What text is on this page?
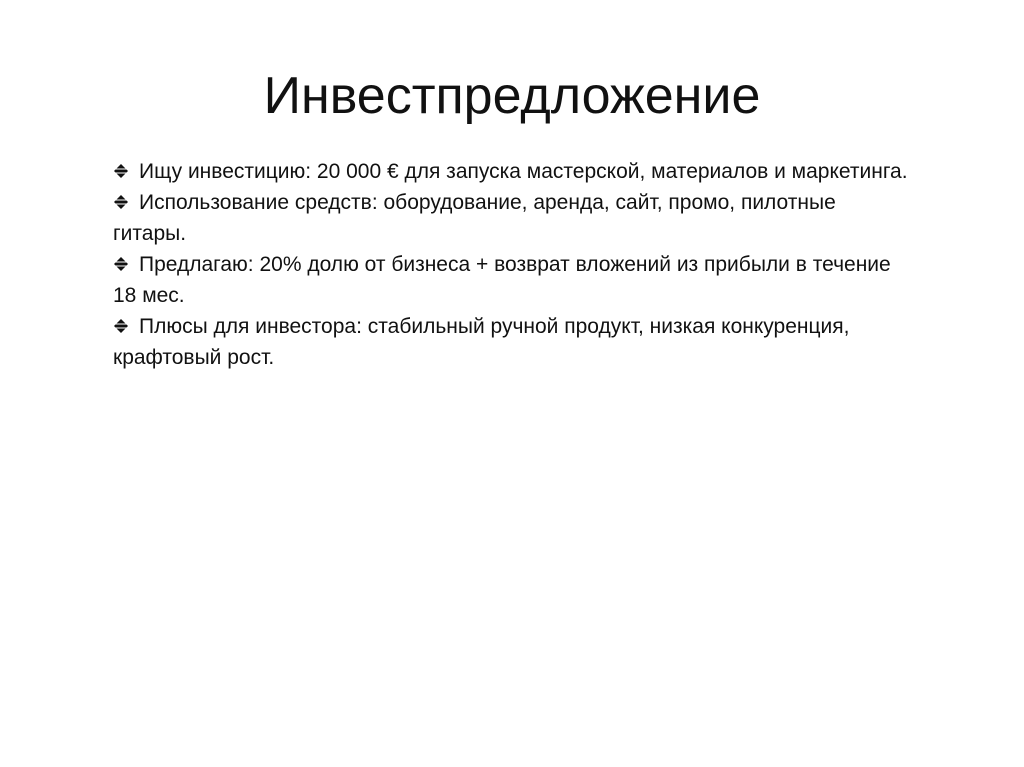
Инвестпредложение
Ищу инвестицию: 20 000 € для запуска мастерской, материалов и маркетинга.
Использование средств: оборудование, аренда, сайт, промо, пилотные гитары.
Предлагаю: 20% долю от бизнеса + возврат вложений из прибыли в течение 18 мес.
Плюсы для инвестора: стабильный ручной продукт, низкая конкуренция, крафтовый рост.
